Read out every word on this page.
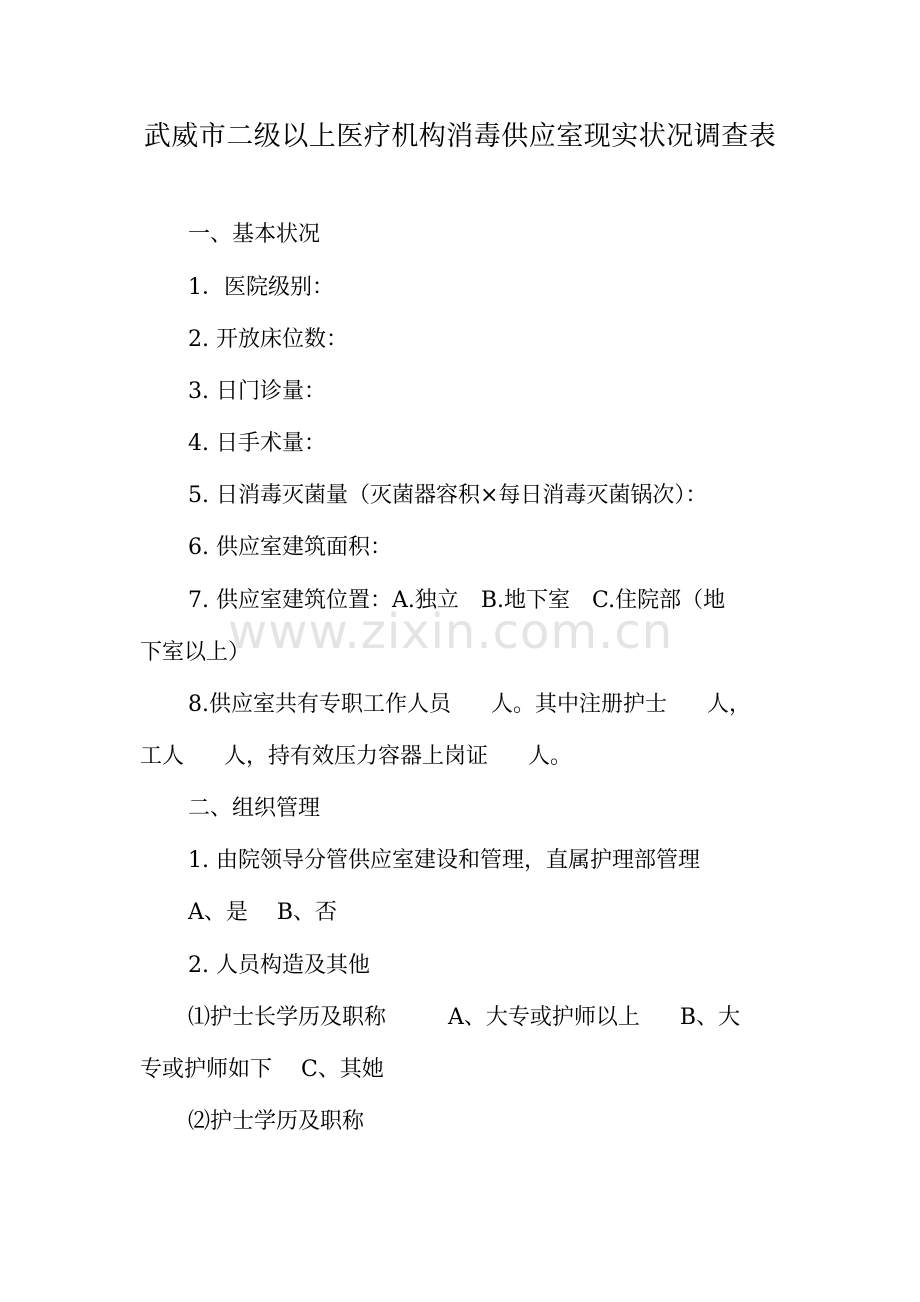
www.zixin.com.cn
武威市二级以上医疗机构消毒供应室现实状况调查表
一、基本状况
1．医院级别：
2. 开放床位数：
3. 日门诊量：
4. 日手术量：
5. 日消毒灭菌量（灭菌器容积×每日消毒灭菌锅次）：
6. 供应室建筑面积：
7. 供应室建筑位置：A.独立　B.地下室　C.住院部（地
下室以上）
8.供应室共有专职工作人员 人。其中注册护士 人，
工人 人，持有效压力容器上岗证 人。
二、组织管理
1. 由院领导分管供应室建设和管理，直属护理部管理
A、是　 B、否
2. 人员构造及其他
⑴护士长学历及职称	A、大专或护师以上 B、大
专或护师如下　 C、其她
⑵护士学历及职称
